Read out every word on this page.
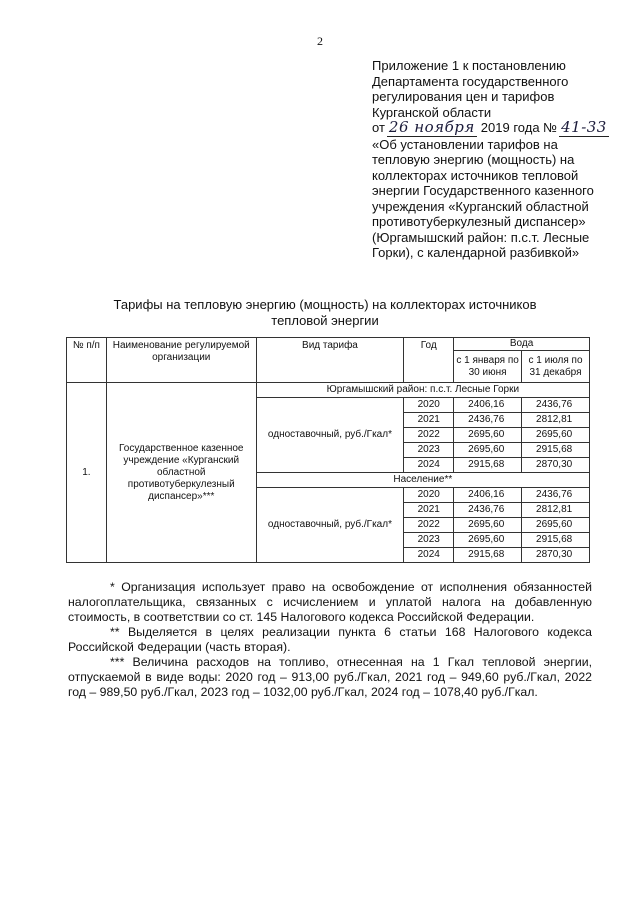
2
Приложение 1 к постановлению
Департамента государственного
регулирования цен и тарифов
Курганской области
от 26 ноября 2019 года № 41-33
«Об установлении тарифов на
тепловую энергию (мощность) на
коллекторах источников тепловой
энергии Государственного казенного
учреждения «Курганский областной
противотуберкулезный диспансер»
(Юргамышский район: п.с.т. Лесные
Горки), с календарной разбивкой»
Тарифы на тепловую энергию (мощность) на коллекторах источников
тепловой энергии
№ п/п	Наименование регулируемой организации	Вид тарифа	Год	Вода	
				с 1 января по 30 июня	с 1 июля по 31 декабря
1.	Государственное казенное учреждение «Курганский областной противотуберкулезный диспансер»***	Юргамышский район: п.с.т. Лесные Горки			
		одноставочный, руб./Гкал*	2020	2406,16	2436,76
			2021	2436,76	2812,81
			2022	2695,60	2695,60
			2023	2695,60	2915,68
			2024	2915,68	2870,30
		Население**			
		одноставочный, руб./Гкал*	2020	2406,16	2436,76
			2021	2436,76	2812,81
			2022	2695,60	2695,60
			2023	2695,60	2915,68
			2024	2915,68	2870,30

* Организация использует право на освобождение от исполнения обязанностей налогоплательщика, связанных с исчислением и уплатой налога на добавленную стоимость, в соответствии со ст. 145 Налогового кодекса Российской Федерации.

** Выделяется в целях реализации пункта 6 статьи 168 Налогового кодекса Российской Федерации (часть вторая).

*** Величина расходов на топливо, отнесенная на 1 Гкал тепловой энергии, отпускаемой в виде воды: 2020 год – 913,00 руб./Гкал, 2021 год – 949,60 руб./Гкал, 2022 год – 989,50 руб./Гкал, 2023 год – 1032,00 руб./Гкал, 2024 год – 1078,40 руб./Гкал.
